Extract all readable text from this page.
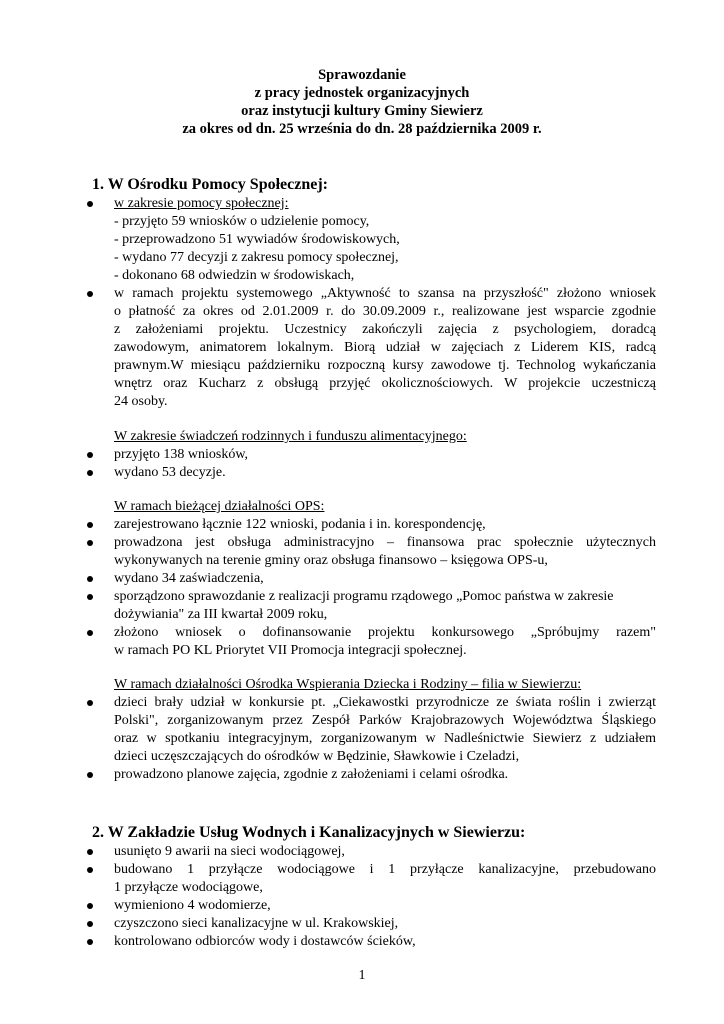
Sprawozdanie
z pracy jednostek organizacyjnych
oraz instytucji kultury Gminy Siewierz
za okres od dn. 25 września do dn. 28 października 2009 r.
1. W Ośrodku Pomocy Społecznej:
w zakresie pomocy społecznej:
- przyjęto 59 wniosków o udzielenie pomocy,
- przeprowadzono 51 wywiadów środowiskowych,
- wydano 77 decyzji z zakresu pomocy społecznej,
- dokonano 68 odwiedzin w środowiskach,
w ramach projektu systemowego „Aktywność to szansa na przyszłość" złożono wniosek
o płatność za okres od 2.01.2009 r. do 30.09.2009 r., realizowane jest wsparcie zgodnie
z założeniami projektu. Uczestnicy zakończyli zajęcia z psychologiem, doradcą
zawodowym, animatorem lokalnym. Biorą udział w zajęciach z Liderem KIS, radcą
prawnym.W miesiącu październiku rozpoczną kursy zawodowe tj. Technolog wykańczania
wnętrz oraz Kucharz z obsługą przyjęć okolicznościowych. W projekcie uczestniczą
24 osoby.
W zakresie świadczeń rodzinnych i funduszu alimentacyjnego:
przyjęto 138 wniosków,
wydano 53 decyzje.
W ramach bieżącej działalności OPS:
zarejestrowano łącznie 122 wnioski, podania i in. korespondencję,
prowadzona jest obsługa administracyjno – finansowa prac społecznie użytecznych
wykonywanych na terenie gminy oraz obsługa finansowo – księgowa OPS-u,
wydano 34 zaświadczenia,
sporządzono sprawozdanie z realizacji programu rządowego „Pomoc państwa w zakresie
dożywiania" za III kwartał 2009 roku,
złożono wniosek o dofinansowanie projektu konkursowego „Spróbujmy razem"
w ramach PO KL Priorytet VII Promocja integracji społecznej.
W ramach działalności Ośrodka Wspierania Dziecka i Rodziny – filia w Siewierzu:
dzieci brały udział w konkursie pt. „Ciekawostki przyrodnicze ze świata roślin i zwierząt
Polski", zorganizowanym przez Zespół Parków Krajobrazowych Województwa Śląskiego
oraz w spotkaniu integracyjnym, zorganizowanym w Nadleśnictwie Siewierz z udziałem
dzieci uczęszczających do ośrodków w Będzinie, Sławkowie i Czeladzi,
prowadzono planowe zajęcia, zgodnie z założeniami i celami ośrodka.
2. W Zakładzie Usług Wodnych i Kanalizacyjnych w Siewierzu:
usunięto 9 awarii na sieci wodociągowej,
budowano 1 przyłącze wodociągowe i 1 przyłącze kanalizacyjne, przebudowano
1 przyłącze wodociągowe,
wymieniono 4 wodomierze,
czyszczono sieci kanalizacyjne w ul. Krakowskiej,
kontrolowano odbiorców wody i dostawców ścieków,
1
